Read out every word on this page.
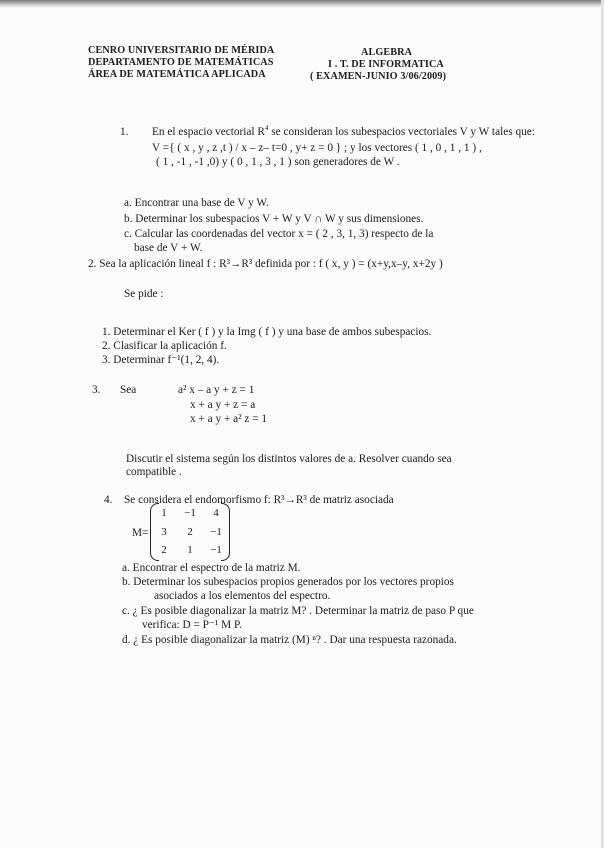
CENRO UNIVERSITARIO DE MÉRIDA
DEPARTAMENTO DE MATEMÁTICAS
ÁREA DE MATEMÁTICA APLICADA
ALGEBRA
I . T. DE INFORMATICA
( EXAMEN-JUNIO 3/06/2009)
1. En el espacio vectorial $R^4$ se consideran los subespacios vectoriales V y W tales que:
V ={ ( x , y , z ,t ) / x – z– t=0 , y+ z = 0 } ; y los vectores ( 1 , 0 , 1 , 1 ) ,
( 1 , -1 , -1 ,0) y ( 0 , 1 , 3 , 1 ) son generadores de W .
a. Encontrar una base de V y W.
b. Determinar los subespacios V + W y V ∩ W y sus dimensiones.
c. Calcular las coordenadas del vector x = ( 2 , 3, 1, 3) respecto de la
base de V + W.
2. Sea la aplicación lineal f : R³→R³ definida por : f ( x, y ) = (x+y,x–y, x+2y )
Se pide :
1. Determinar el Ker ( f ) y la Img ( f ) y una base de ambos subespacios.
2. Clasificar la aplicación f.
3. Determinar f⁻¹(1, 2, 4).
3. Sea	a² x – a y + z = 1
x + a y + z = a
x + a y + a² z = 1
Discutir el sistema según los distintos valores de a. Resolver cuando sea
compatible .
4. Se considera el endomorfismo f: R³→R³ de matriz asociada
M=
1	−1	4
3	2	−1
2	1	−1
a. Encontrar el espectro de la matriz M.
b. Determinar los subespacios propios generados por los vectores propios
asociados a los elementos del espectro.
c. ¿ Es posible diagonalizar la matriz M? . Determinar la matriz de paso P que
verifica: D = P⁻¹ M P.
d. ¿ Es posible diagonalizar la matriz (M) ⁿ? . Dar una respuesta razonada.
